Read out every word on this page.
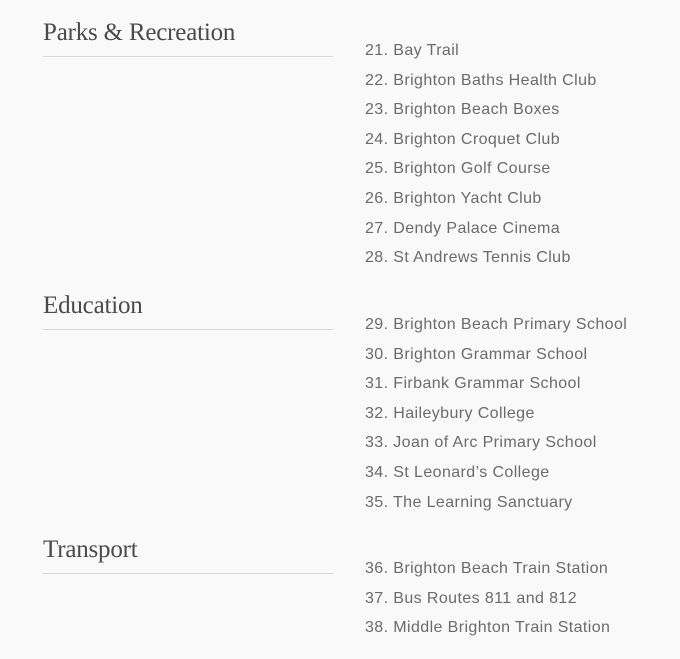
Parks & Recreation
21. Bay Trail
22. Brighton Baths Health Club
23. Brighton Beach Boxes
24. Brighton Croquet Club
25. Brighton Golf Course
26. Brighton Yacht Club
27. Dendy Palace Cinema
28. St Andrews Tennis Club
Education
29. Brighton Beach Primary School
30. Brighton Grammar School
31. Firbank Grammar School
32. Haileybury College
33. Joan of Arc Primary School
34. St Leonard’s College
35. The Learning Sanctuary
Transport
36. Brighton Beach Train Station
37. Bus Routes 811 and 812
38. Middle Brighton Train Station
